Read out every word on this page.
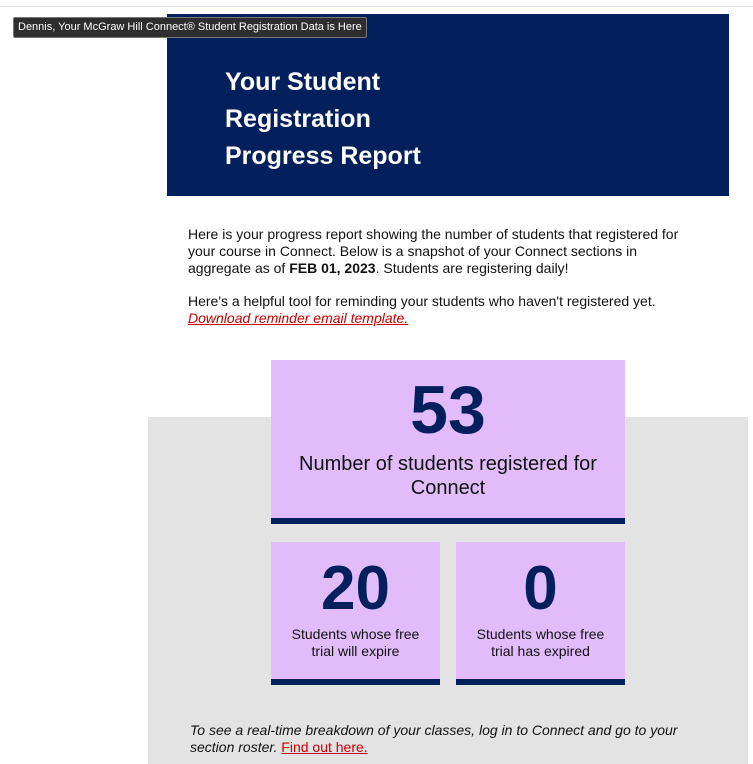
Dennis, Your McGraw Hill Connect® Student Registration Data is Here
Your Student Registration Progress Report

Here is your progress report showing the number of students that registered for your course in Connect. Below is a snapshot of your Connect sections in aggregate as of FEB 01, 2023. Students are registering daily!

Here's a helpful tool for reminding your students who haven't registered yet.
Download reminder email template.

53
Number of students registered for Connect
20
Students whose free trial will expire
0
Students whose free trial has expired
To see a real-time breakdown of your classes, log in to Connect and go to your section roster. Find out here.
